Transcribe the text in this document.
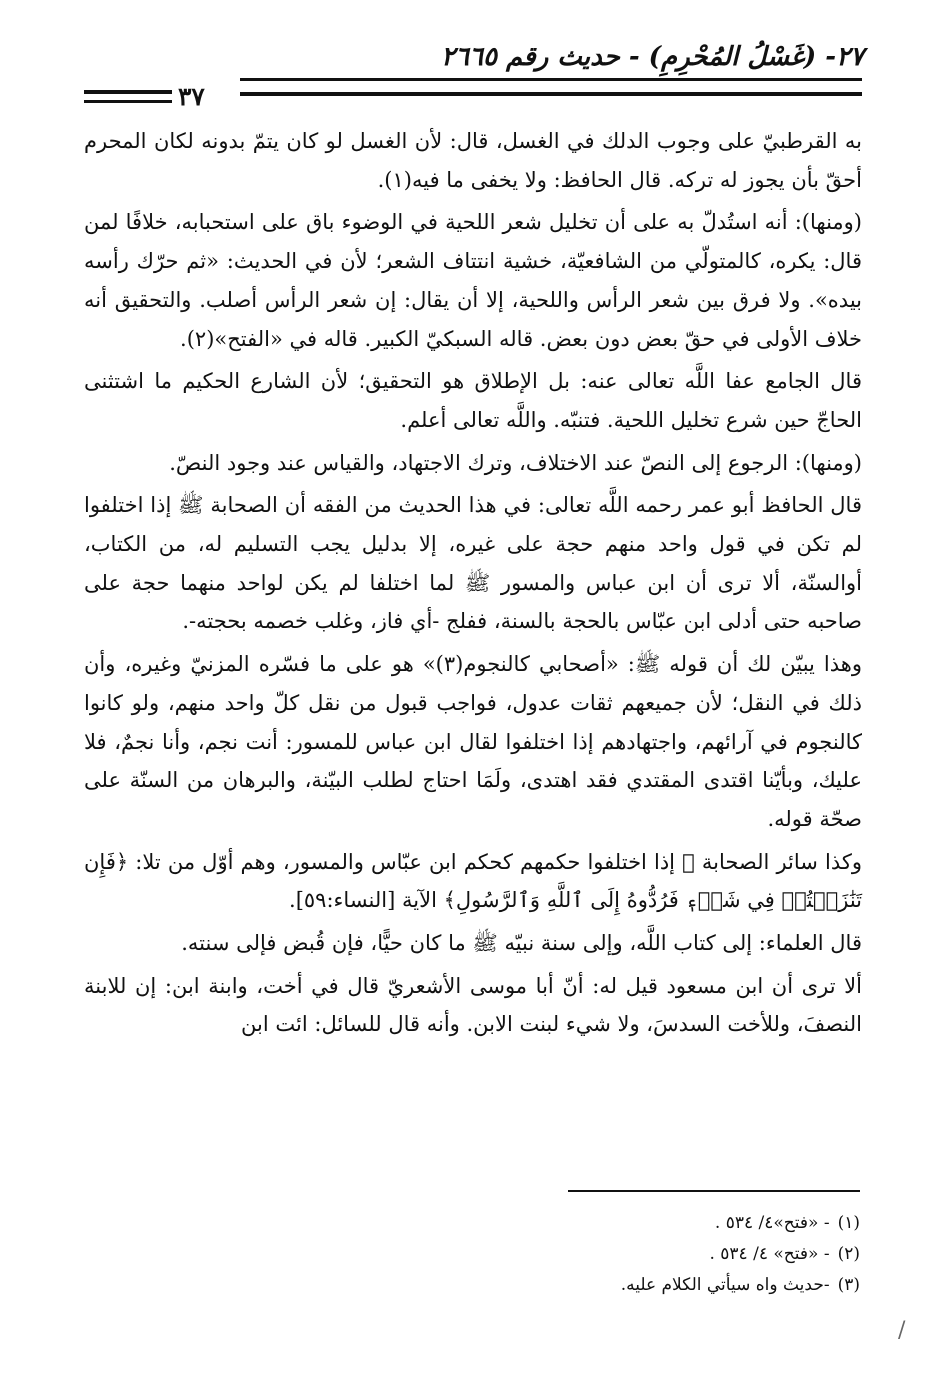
٢٧- (غَسْلُ المُحْرِمِ) - حديث رقم ٢٦٦٥
٣٧

به القرطبيّ على وجوب الدلك في الغسل، قال: لأن الغسل لو كان يتمّ بدونه لكان المحرم أحقّ بأن يجوز له تركه. قال الحافظ: ولا يخفى ما فيه(١).

(ومنها): أنه استُدلّ به على أن تخليل شعر اللحية في الوضوء باق على استحبابه، خلافًا لمن قال: يكره، كالمتولّي من الشافعيّة، خشية انتتاف الشعر؛ لأن في الحديث: «ثم حرّك رأسه بيده». ولا فرق بين شعر الرأس واللحية، إلا أن يقال: إن شعر الرأس أصلب. والتحقيق أنه خلاف الأولى في حقّ بعض دون بعض. قاله السبكيّ الكبير. قاله في «الفتح»(٢).

قال الجامع عفا اللَّه تعالى عنه: بل الإطلاق هو التحقيق؛ لأن الشارع الحكيم ما اشتثنى الحاجّ حين شرع تخليل اللحية. فتنبّه. واللَّه تعالى أعلم.

(ومنها): الرجوع إلى النصّ عند الاختلاف، وترك الاجتهاد، والقياس عند وجود النصّ.

قال الحافظ أبو عمر رحمه اللَّه تعالى: في هذا الحديث من الفقه أن الصحابة ﷺ إذا اختلفوا لم تكن في قول واحد منهم حجة على غيره، إلا بدليل يجب التسليم له، من الكتاب، أوالسنّة، ألا ترى أن ابن عباس والمسور ﷺ لما اختلفا لم يكن لواحد منهما حجة على صاحبه حتى أدلى ابن عبّاس بالحجة بالسنة، ففلج -أي فاز، وغلب خصمه بحجته-.

وهذا يبيّن لك أن قوله ﷺ: «أصحابي كالنجوم(٣)» هو على ما فسّره المزنيّ وغيره، وأن ذلك في النقل؛ لأن جميعهم ثقات عدول، فواجب قبول من نقل كلّ واحد منهم، ولو كانوا كالنجوم في آرائهم، واجتهادهم إذا اختلفوا لقال ابن عباس للمسور: أنت نجم، وأنا نجمٌ، فلا عليك، وبأيّنا اقتدى المقتدي فقد اهتدى، ولَمَا احتاج لطلب البيّنة، والبرهان من السنّة على صحّة قوله.

وكذا سائر الصحابة ﷺ إذا اختلفوا حكمهم كحكم ابن عبّاس والمسور، وهم أوّل من تلا: ﴿فَإِن تَنَٰزَعۡتُمۡ فِي شَيۡءٖ فَرُدُّوهُ إِلَى ٱللَّهِ وَٱلرَّسُولِ﴾ الآية [النساء:٥٩].

قال العلماء: إلى كتاب اللَّه، وإلى سنة نبيّه ﷺ ما كان حيًّا، فإن قُبض فإلى سنته.

ألا ترى أن ابن مسعود قيل له: أنّ أبا موسى الأشعريّ قال في أخت، وابنة ابن: إن للابنة النصفَ، وللأخت السدسَ، ولا شيء لبنت الابن. وأنه قال للسائل: ائت ابن

(١)- «فتح»٤/ ٥٣٤ .
(٢)- «فتح» ٤/ ٥٣٤ .
(٣)-حديث واه سيأتي الكلام عليه.
/
